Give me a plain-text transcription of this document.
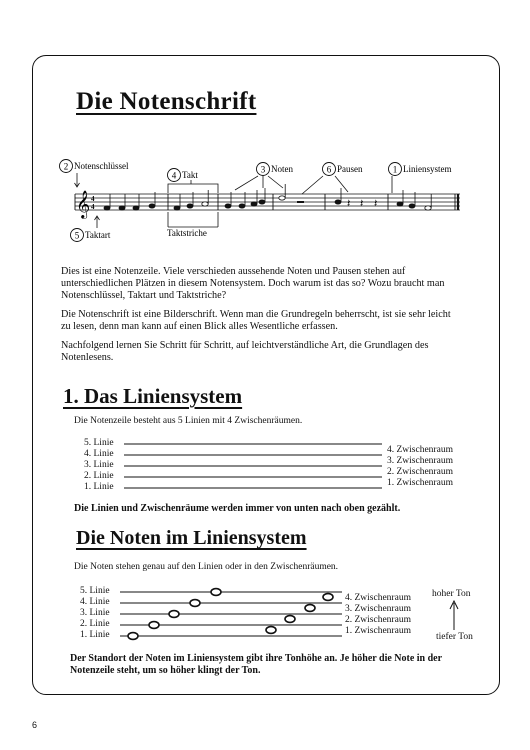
Die Notenschrift
𝄞 4
4	𝄽 𝄽 𝄽
2
4
3	6	1
5
Notenschlüssel
Takt
Noten	Pausen	Liniensystem
Taktart	Taktstriche
Dies ist eine Notenzeile. Viele verschieden aussehende Noten und Pausen stehen auf unterschiedlichen Plätzen in diesem Notensystem. Doch warum ist das so? Wozu braucht man Notenschlüssel, Taktart und Taktstriche?
Die Notenschrift ist eine Bilderschrift. Wenn man die Grundregeln beherrscht, ist sie sehr leicht zu lesen, denn man kann auf einen Blick alles Wesentliche erfassen.
Nachfolgend lernen Sie Schritt für Schritt, auf leichtverständliche Art, die Grundlagen des Notenlesens.
1. Das Liniensystem
Die Notenzeile besteht aus 5 Linien mit 4 Zwischenräumen.
5. Linie
4. Linie
3. Linie
2. Linie
1. Linie
4. Zwischenraum
3. Zwischenraum
2. Zwischenraum
1. Zwischenraum
Die Linien und Zwischenräume werden immer von unten nach oben gezählt.
Die Noten im Liniensystem
Die Noten stehen genau auf den Linien oder in den Zwischenräumen.
5. Linie
4. Linie
3. Linie
2. Linie
1. Linie
4. Zwischenraum
3. Zwischenraum
2. Zwischenraum
1. Zwischenraum
hoher Ton
tiefer Ton
Der Standort der Noten im Liniensystem gibt ihre Tonhöhe an. Je höher die Note in der Notenzeile steht, um so höher klingt der Ton.
6
